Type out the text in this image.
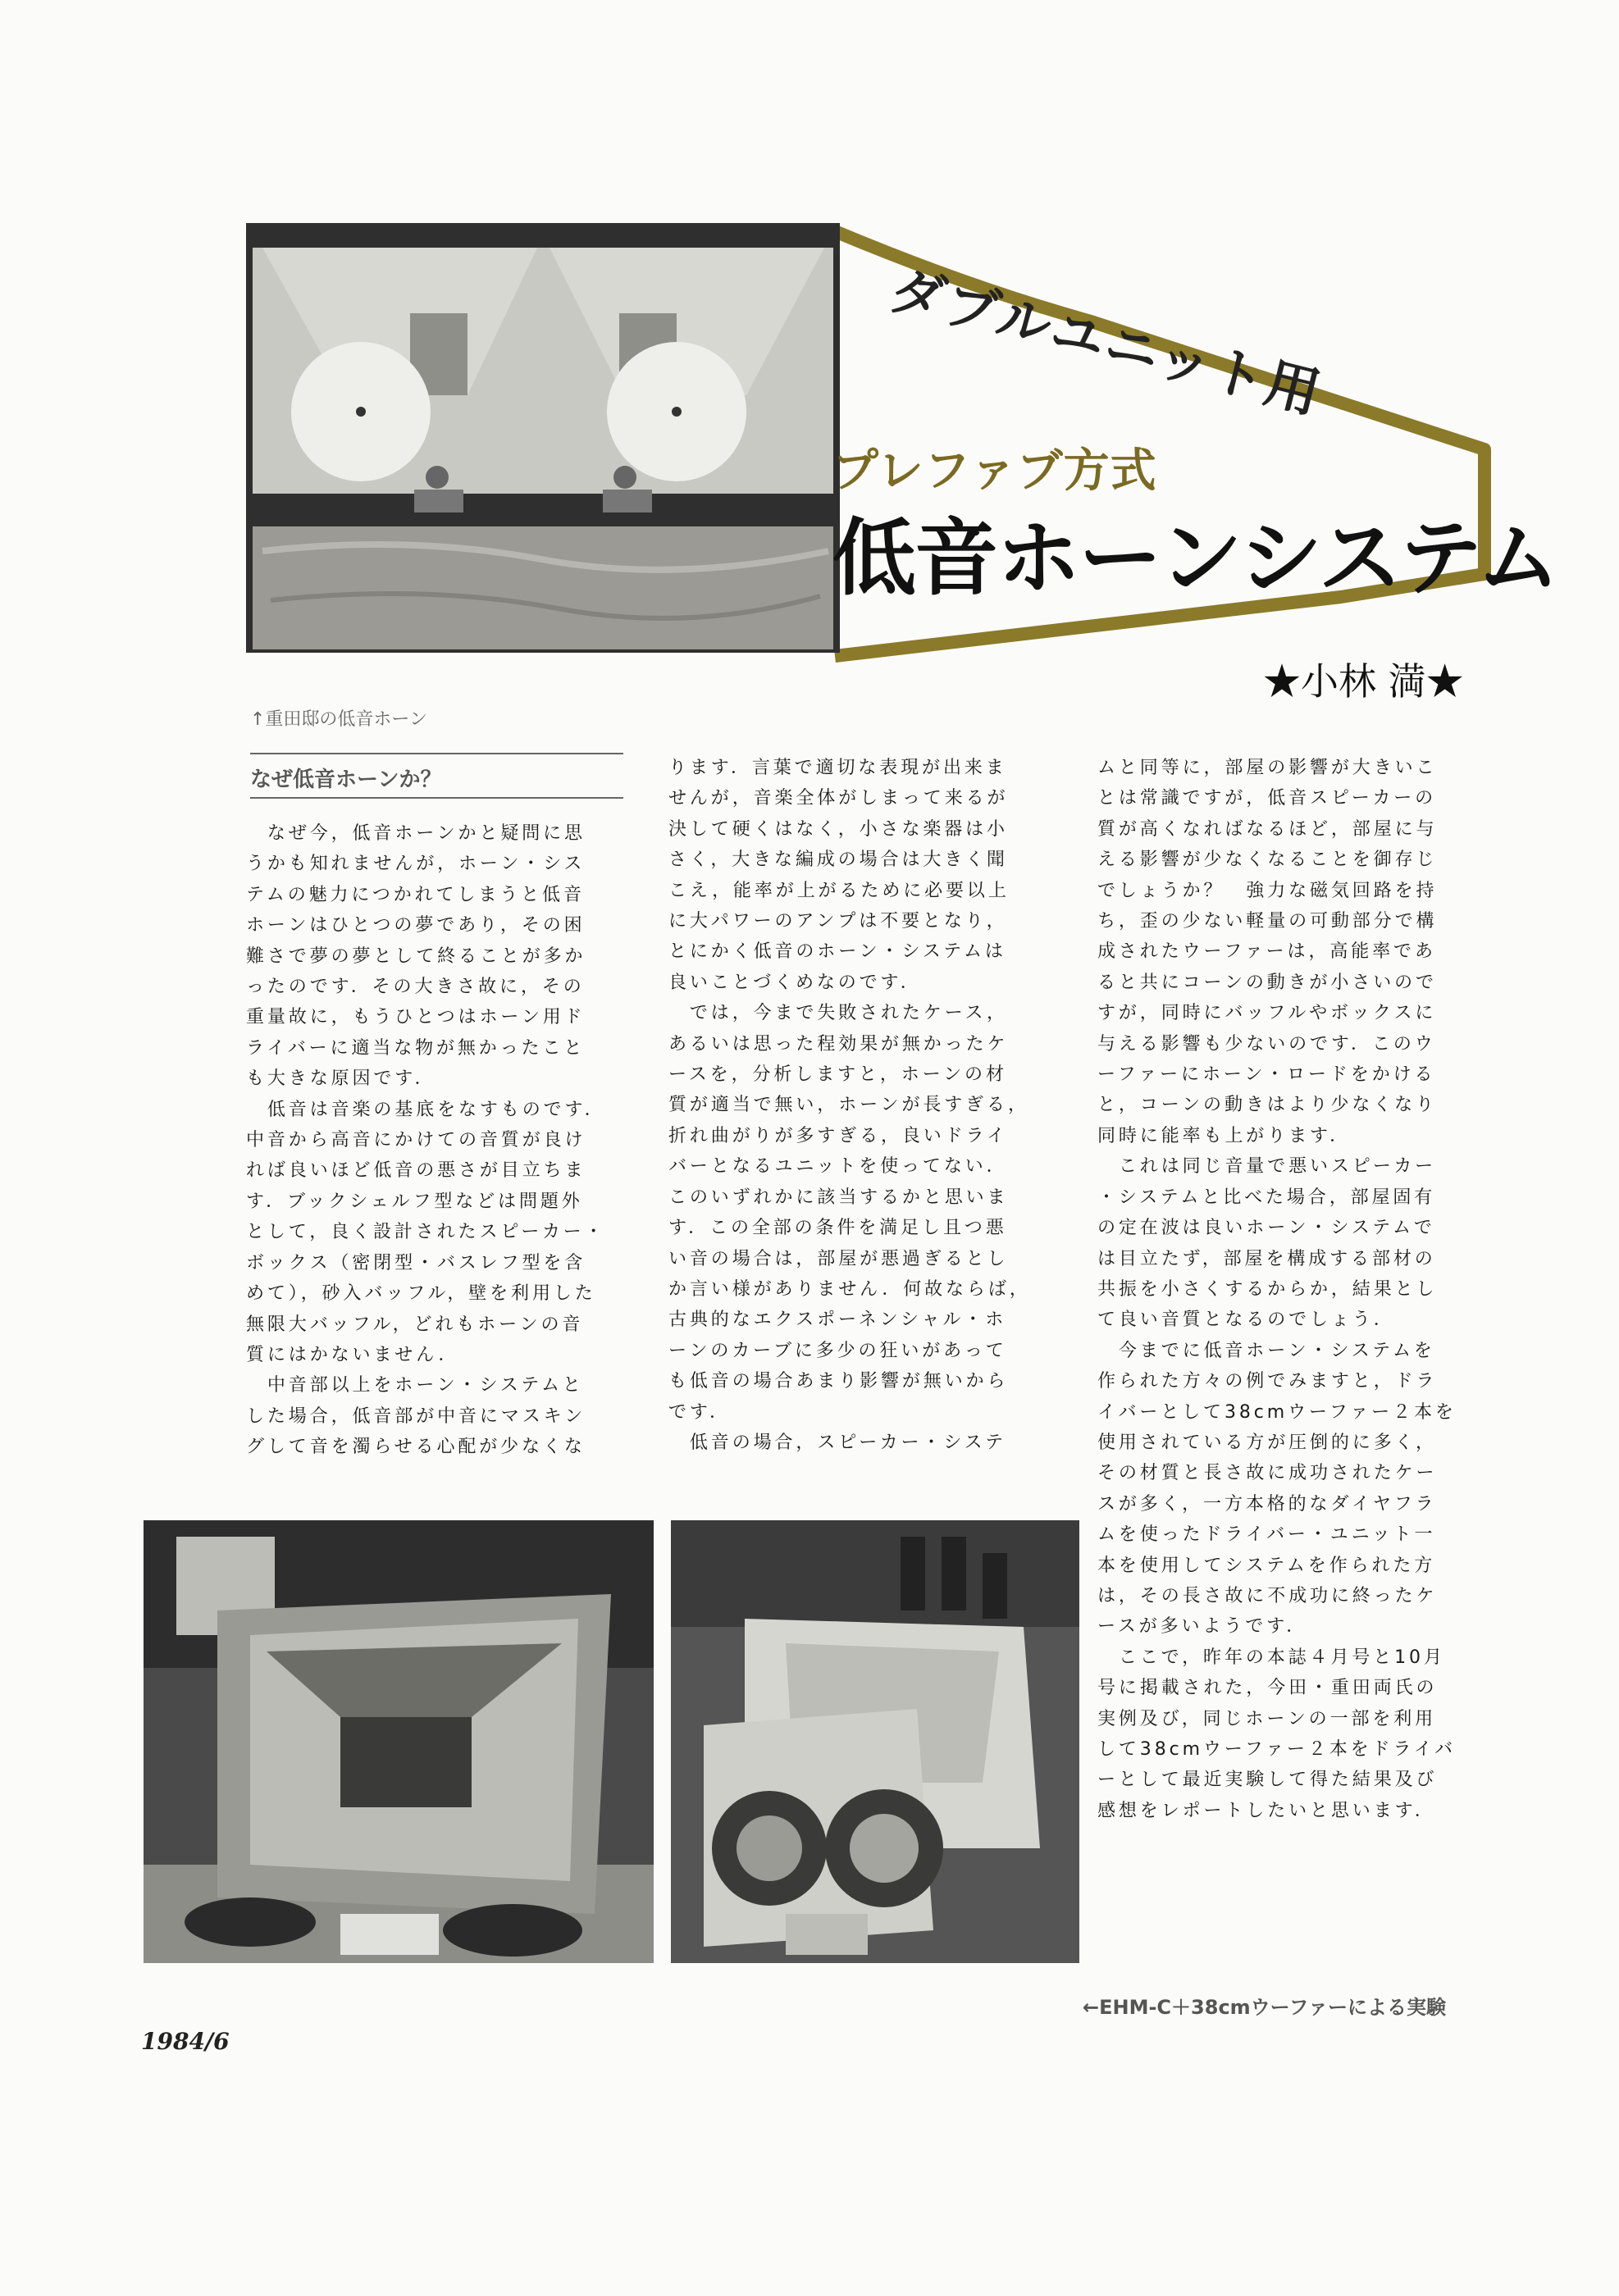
ダブルユニット用
プレファブ方式
低音ホーンシステム
★小林 満★
↑重田邸の低音ホーン
なぜ低音ホーンか？

　なぜ今，低音ホーンかと疑問に思

うかも知れませんが，ホーン・シス

テムの魅力につかれてしまうと低音

ホーンはひとつの夢であり，その困

難さで夢の夢として終ることが多か

ったのです．その大きさ故に，その

重量故に，もうひとつはホーン用ド

ライバーに適当な物が無かったこと

も大きな原因です．

　低音は音楽の基底をなすものです．

中音から高音にかけての音質が良け

れば良いほど低音の悪さが目立ちま

す．ブックシェルフ型などは問題外

として，良く設計されたスピーカー・

ボックス（密閉型・バスレフ型を含

めて），砂入バッフル，壁を利用した

無限大バッフル，どれもホーンの音

質にはかないません．

　中音部以上をホーン・システムと

した場合，低音部が中音にマスキン

グして音を濁らせる心配が少なくな

ります．言葉で適切な表現が出来ま

せんが，音楽全体がしまって来るが

決して硬くはなく，小さな楽器は小

さく，大きな編成の場合は大きく聞

こえ，能率が上がるために必要以上

に大パワーのアンプは不要となり，

とにかく低音のホーン・システムは

良いことづくめなのです．

　では，今まで失敗されたケース，

あるいは思った程効果が無かったケ

ースを，分析しますと，ホーンの材

質が適当で無い，ホーンが長すぎる，

折れ曲がりが多すぎる，良いドライ

バーとなるユニットを使ってない．

このいずれかに該当するかと思いま

す．この全部の条件を満足し且つ悪

い音の場合は，部屋が悪過ぎるとし

か言い様がありません．何故ならば，

古典的なエクスポーネンシャル・ホ

ーンのカーブに多少の狂いがあって

も低音の場合あまり影響が無いから

です．

　低音の場合，スピーカー・システ

ムと同等に，部屋の影響が大きいこ

とは常識ですが，低音スピーカーの

質が高くなればなるほど，部屋に与

える影響が少なくなることを御存じ

でしょうか？　強力な磁気回路を持

ち，歪の少ない軽量の可動部分で構

成されたウーファーは，高能率であ

ると共にコーンの動きが小さいので

すが，同時にバッフルやボックスに

与える影響も少ないのです．このウ

ーファーにホーン・ロードをかける

と，コーンの動きはより少なくなり

同時に能率も上がります．

　これは同じ音量で悪いスピーカー

・システムと比べた場合，部屋固有

の定在波は良いホーン・システムで

は目立たず，部屋を構成する部材の

共振を小さくするからか，結果とし

て良い音質となるのでしょう．

　今までに低音ホーン・システムを

作られた方々の例でみますと，ドラ

イバーとして38cmウーファー２本を

使用されている方が圧倒的に多く，

その材質と長さ故に成功されたケー

スが多く，一方本格的なダイヤフラ

ムを使ったドライバー・ユニット一

本を使用してシステムを作られた方

は，その長さ故に不成功に終ったケ

ースが多いようです．

　ここで，昨年の本誌４月号と10月

号に掲載された，今田・重田両氏の

実例及び，同じホーンの一部を利用

して38cmウーファー２本をドライバ

ーとして最近実験して得た結果及び

感想をレポートしたいと思います．

←EHM-C＋38cmウーファーによる実験
1984/6
